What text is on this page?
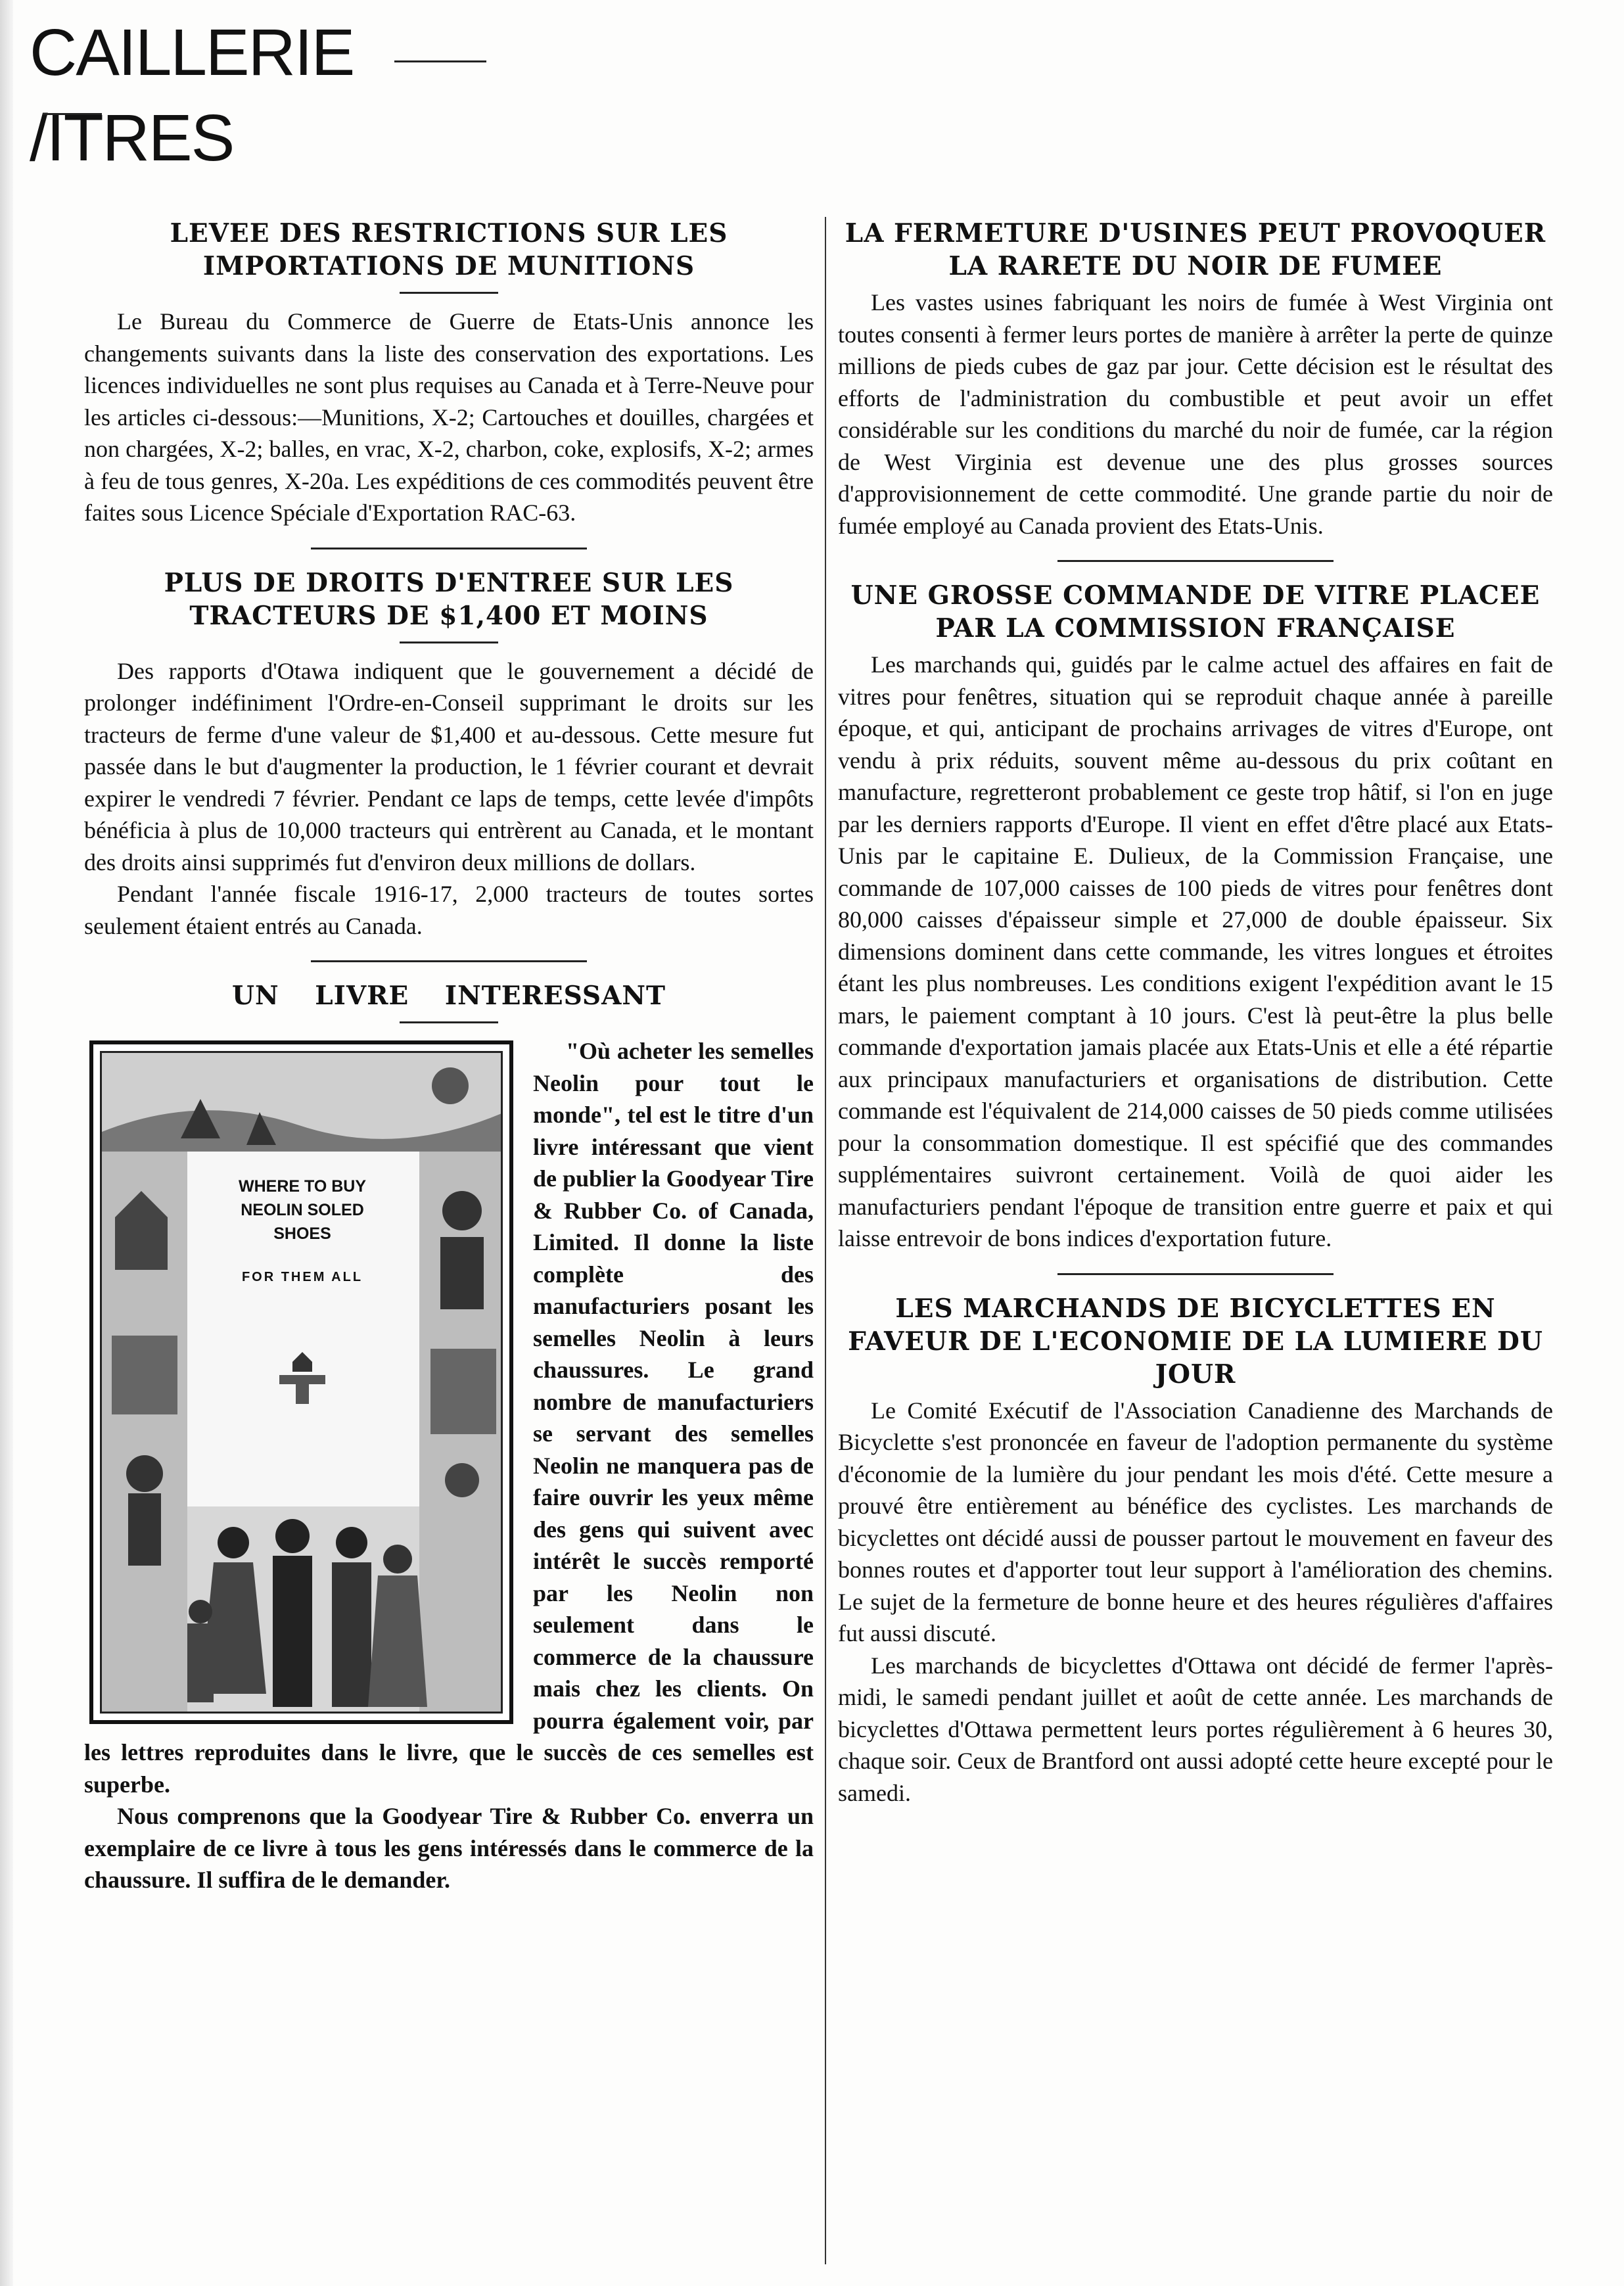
CAILLERIE
/ITRES
LEVEE DES RESTRICTIONS SUR LES IMPORTATIONS DE MUNITIONS

Le Bureau du Commerce de Guerre de Etats-Unis annonce les changements suivants dans la liste des conservation des exportations. Les licences individuelles ne sont plus requises au Canada et à Terre-Neuve pour les articles ci-dessous:—Munitions, X-2; Cartouches et douilles, chargées et non chargées, X-2; balles, en vrac, X-2, charbon, coke, explosifs, X-2; armes à feu de tous genres, X-20a. Les expéditions de ces commodités peuvent être faites sous Licence Spéciale d'Exportation RAC-63.

PLUS DE DROITS D'ENTREE SUR LES TRACTEURS DE $1,400 ET MOINS

Des rapports d'Otawa indiquent que le gouvernement a décidé de prolonger indéfiniment l'Ordre-en-Conseil supprimant le droits sur les tracteurs de ferme d'une valeur de $1,400 et au-dessous. Cette mesure fut passée dans le but d'augmenter la production, le 1 février courant et devrait expirer le vendredi 7 février. Pendant ce laps de temps, cette levée d'impôts bénéficia à plus de 10,000 tracteurs qui entrèrent au Canada, et le montant des droits ainsi supprimés fut d'environ deux millions de dollars.

Pendant l'année fiscale 1916-17, 2,000 tracteurs de toutes sortes seulement étaient entrés au Canada.

UN LIVRE INTERESSANT
WHERE TO BUY
NEOLIN SOLED
SHOES
FOR THEM ALL

"Où acheter les semelles Neolin pour tout le monde", tel est le titre d'un livre intéressant que vient de publier la Goodyear Tire & Rubber Co. of Canada, Limited. Il donne la liste complète des manufacturiers posant les semelles Neolin à leurs chaussures. Le grand nombre de manufacturiers se servant des semelles Neolin ne manquera pas de faire ouvrir les yeux même des gens qui suivent avec intérêt le succès remporté par les Neolin non seulement dans le commerce de la chaussure mais chez les clients. On pourra également voir, par les lettres reproduites dans le livre, que le succès de ces semelles est superbe.

Nous comprenons que la Goodyear Tire & Rubber Co. enverra un exemplaire de ce livre à tous les gens intéressés dans le commerce de la chaussure. Il suffira de le demander.

LA FERMETURE D'USINES PEUT PROVOQUER LA RARETE DU NOIR DE FUMEE

Les vastes usines fabriquant les noirs de fumée à West Virginia ont toutes consenti à fermer leurs portes de manière à arrêter la perte de quinze millions de pieds cubes de gaz par jour. Cette décision est le résultat des efforts de l'administration du combustible et peut avoir un effet considérable sur les conditions du marché du noir de fumée, car la région de West Virginia est devenue une des plus grosses sources d'approvisionnement de cette commodité. Une grande partie du noir de fumée employé au Canada provient des Etats-Unis.

UNE GROSSE COMMANDE DE VITRE PLACEE PAR LA COMMISSION FRANÇAISE

Les marchands qui, guidés par le calme actuel des affaires en fait de vitres pour fenêtres, situation qui se reproduit chaque année à pareille époque, et qui, anticipant de prochains arrivages de vitres d'Europe, ont vendu à prix réduits, souvent même au-dessous du prix coûtant en manufacture, regretteront probablement ce geste trop hâtif, si l'on en juge par les derniers rapports d'Europe. Il vient en effet d'être placé aux Etats-Unis par le capitaine E. Dulieux, de la Commission Française, une commande de 107,000 caisses de 100 pieds de vitres pour fenêtres dont 80,000 caisses d'épaisseur simple et 27,000 de double épaisseur. Six dimensions dominent dans cette commande, les vitres longues et étroites étant les plus nombreuses. Les conditions exigent l'expédition avant le 15 mars, le paiement comptant à 10 jours. C'est là peut-être la plus belle commande d'exportation jamais placée aux Etats-Unis et elle a été répartie aux principaux manufacturiers et organisations de distribution. Cette commande est l'équivalent de 214,000 caisses de 50 pieds comme utilisées pour la consommation domestique. Il est spécifié que des commandes supplémentaires suivront certainement. Voilà de quoi aider les manufacturiers pendant l'époque de transition entre guerre et paix et qui laisse entrevoir de bons indices d'exportation future.

LES MARCHANDS DE BICYCLETTES EN FAVEUR DE L'ECONOMIE DE LA LUMIERE DU JOUR

Le Comité Exécutif de l'Association Canadienne des Marchands de Bicyclette s'est prononcée en faveur de l'adoption permanente du système d'économie de la lumière du jour pendant les mois d'été. Cette mesure a prouvé être entièrement au bénéfice des cyclistes. Les marchands de bicyclettes ont décidé aussi de pousser partout le mouvement en faveur des bonnes routes et d'apporter tout leur support à l'amélioration des chemins. Le sujet de la fermeture de bonne heure et des heures régulières d'affaires fut aussi discuté.

Les marchands de bicyclettes d'Ottawa ont décidé de fermer l'après-midi, le samedi pendant juillet et août de cette année. Les marchands de bicyclettes d'Ottawa permettent leurs portes régulièrement à 6 heures 30, chaque soir. Ceux de Brantford ont aussi adopté cette heure excepté pour le samedi.
